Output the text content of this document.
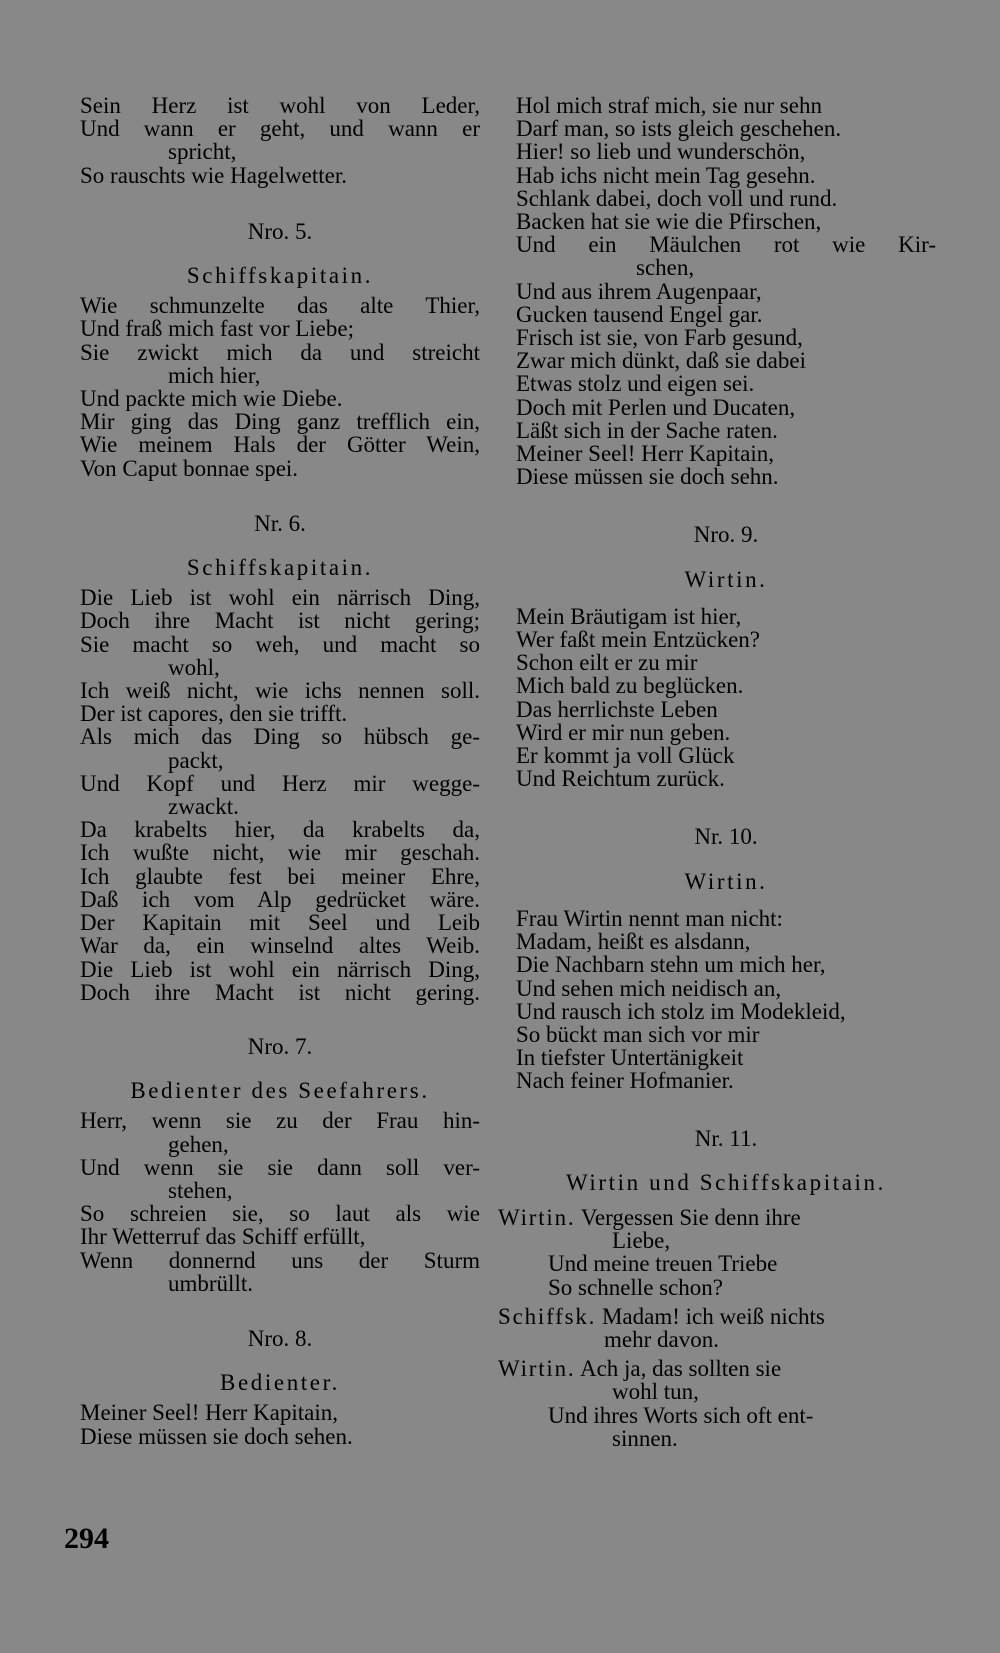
Sein Herz ist wohl von Leder,
Und wann er geht, und wann er
spricht,
So rauschts wie Hagelwetter.
Nro. 5.
Schiffskapitain.
Wie schmunzelte das alte Thier,
Und fraß mich fast vor Liebe;
Sie zwickt mich da und streicht
mich hier,
Und packte mich wie Diebe.
Mir ging das Ding ganz trefflich ein,
Wie meinem Hals der Götter Wein,
Von Caput bonnae spei.
Nr. 6.
Schiffskapitain.
Die Lieb ist wohl ein närrisch Ding,
Doch ihre Macht ist nicht gering;
Sie macht so weh, und macht so
wohl,
Ich weiß nicht, wie ichs nennen soll.
Der ist capores, den sie trifft.
Als mich das Ding so hübsch ge-
packt,
Und Kopf und Herz mir wegge-
zwackt.
Da krabelts hier, da krabelts da,
Ich wußte nicht, wie mir geschah.
Ich glaubte fest bei meiner Ehre,
Daß ich vom Alp gedrücket wäre.
Der Kapitain mit Seel und Leib
War da, ein winselnd altes Weib.
Die Lieb ist wohl ein närrisch Ding,
Doch ihre Macht ist nicht gering.
Nro. 7.
Bedienter des Seefahrers.
Herr, wenn sie zu der Frau hin-
gehen,
Und wenn sie sie dann soll ver-
stehen,
So schreien sie, so laut als wie
Ihr Wetterruf das Schiff erfüllt,
Wenn donnernd uns der Sturm
umbrüllt.
Nro. 8.
Bedienter.
Meiner Seel! Herr Kapitain,
Diese müssen sie doch sehen.
Hol mich straf mich, sie nur sehn
Darf man, so ists gleich geschehen.
Hier! so lieb und wunderschön,
Hab ichs nicht mein Tag gesehn.
Schlank dabei, doch voll und rund.
Backen hat sie wie die Pfirschen,
Und ein Mäulchen rot wie Kir-
schen,
Und aus ihrem Augenpaar,
Gucken tausend Engel gar.
Frisch ist sie, von Farb gesund,
Zwar mich dünkt, daß sie dabei
Etwas stolz und eigen sei.
Doch mit Perlen und Ducaten,
Läßt sich in der Sache raten.
Meiner Seel! Herr Kapitain,
Diese müssen sie doch sehn.
Nro. 9.
Wirtin.
Mein Bräutigam ist hier,
Wer faßt mein Entzücken?
Schon eilt er zu mir
Mich bald zu beglücken.
Das herrlichste Leben
Wird er mir nun geben.
Er kommt ja voll Glück
Und Reichtum zurück.
Nr. 10.
Wirtin.
Frau Wirtin nennt man nicht:
Madam, heißt es alsdann,
Die Nachbarn stehn um mich her,
Und sehen mich neidisch an,
Und rausch ich stolz im Modekleid,
So bückt man sich vor mir
In tiefster Untertänigkeit
Nach feiner Hofmanier.
Nr. 11.
Wirtin und Schiffskapitain.
Wirtin. Vergessen Sie denn ihre
Liebe,
Und meine treuen Triebe
So schnelle schon?
Schiffsk. Madam! ich weiß nichts
mehr davon.
Wirtin. Ach ja, das sollten sie
wohl tun,
Und ihres Worts sich oft ent-
sinnen.
294
